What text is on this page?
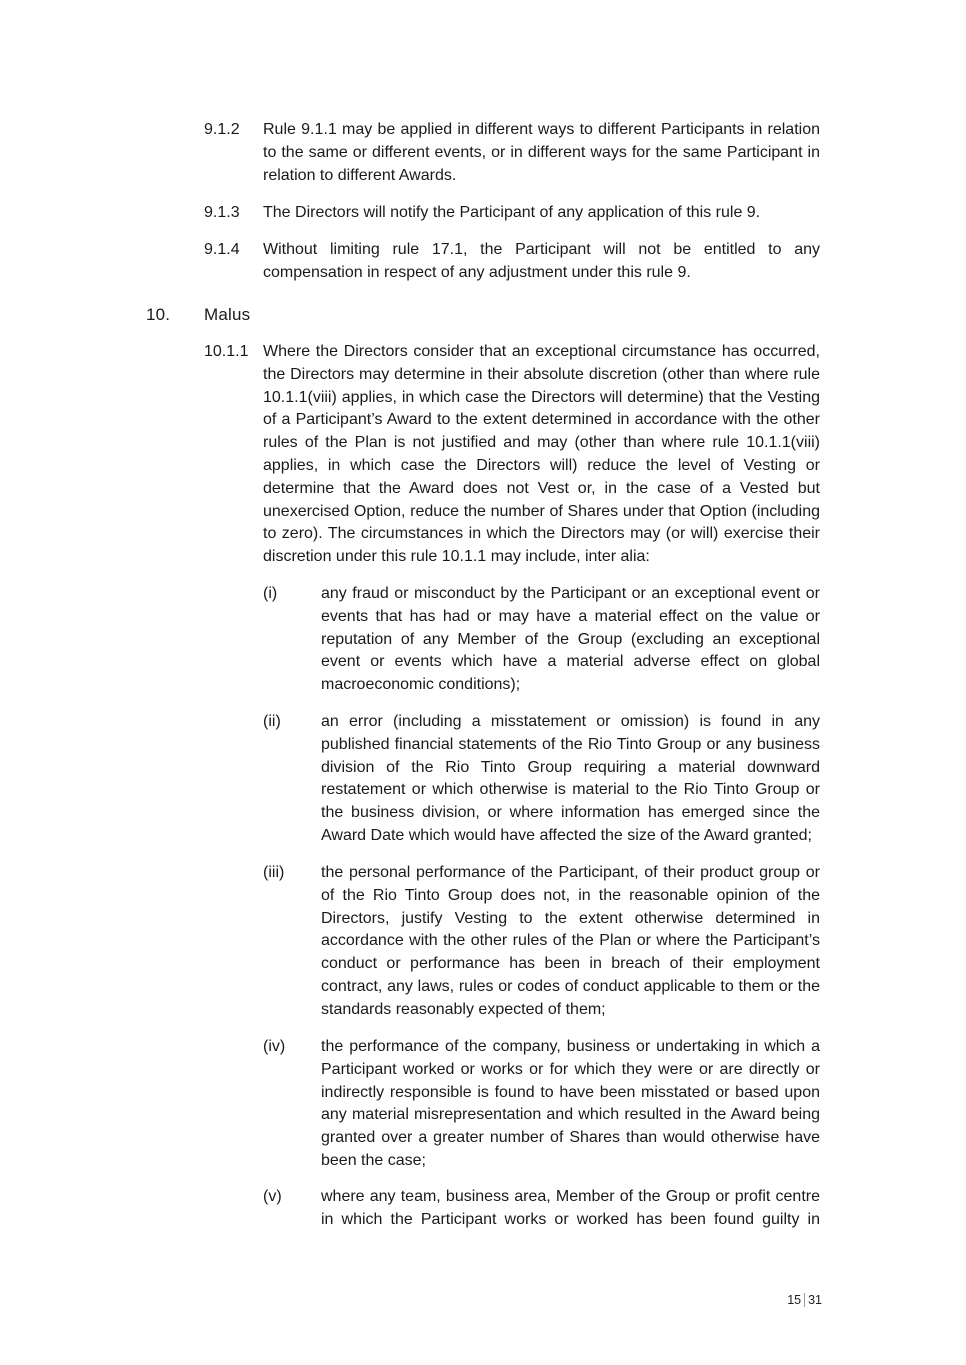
9.1.2 Rule 9.1.1 may be applied in different ways to different Participants in relation to the same or different events, or in different ways for the same Participant in relation to different Awards.

9.1.3 The Directors will notify the Participant of any application of this rule 9.

9.1.4 Without limiting rule 17.1, the Participant will not be entitled to any compensation in respect of any adjustment under this rule 9.

10. Malus

10.1.1 Where the Directors consider that an exceptional circumstance has occurred, the Directors may determine in their absolute discretion (other than where rule 10.1.1(viii) applies, in which case the Directors will determine) that the Vesting of a Participant’s Award to the extent determined in accordance with the other rules of the Plan is not justified and may (other than where rule 10.1.1(viii) applies, in which case the Directors will) reduce the level of Vesting or determine that the Award does not Vest or, in the case of a Vested but unexercised Option, reduce the number of Shares under that Option (including to zero). The circumstances in which the Directors may (or will) exercise their discretion under this rule 10.1.1 may include, inter alia:

(i)	any fraud or misconduct by the Participant or an exceptional event or events that has had or may have a material effect on the value or reputation of any Member of the Group (excluding an exceptional event or events which have a material adverse effect on global macroeconomic conditions);

(ii)	an error (including a misstatement or omission) is found in any published financial statements of the Rio Tinto Group or any business division of the Rio Tinto Group requiring a material downward restatement or which otherwise is material to the Rio Tinto Group or the business division, or where information has emerged since the Award Date which would have affected the size of the Award granted;

(iii) the personal performance of the Participant, of their product group or of the Rio Tinto Group does not, in the reasonable opinion of the Directors, justify Vesting to the extent otherwise determined in accordance with the other rules of the Plan or where the Participant’s conduct or performance has been in breach of their employment contract, any laws, rules or codes of conduct applicable to them or the standards reasonably expected of them;

(iv) the performance of the company, business or undertaking in which a Participant worked or works or for which they were or are directly or indirectly responsible is found to have been misstated or based upon any material misrepresentation and which resulted in the Award being granted over a greater number of Shares than would otherwise have been the case;

(v) where any team, business area, Member of the Group or profit centre in which the Participant works or worked has been found guilty in

15 31
